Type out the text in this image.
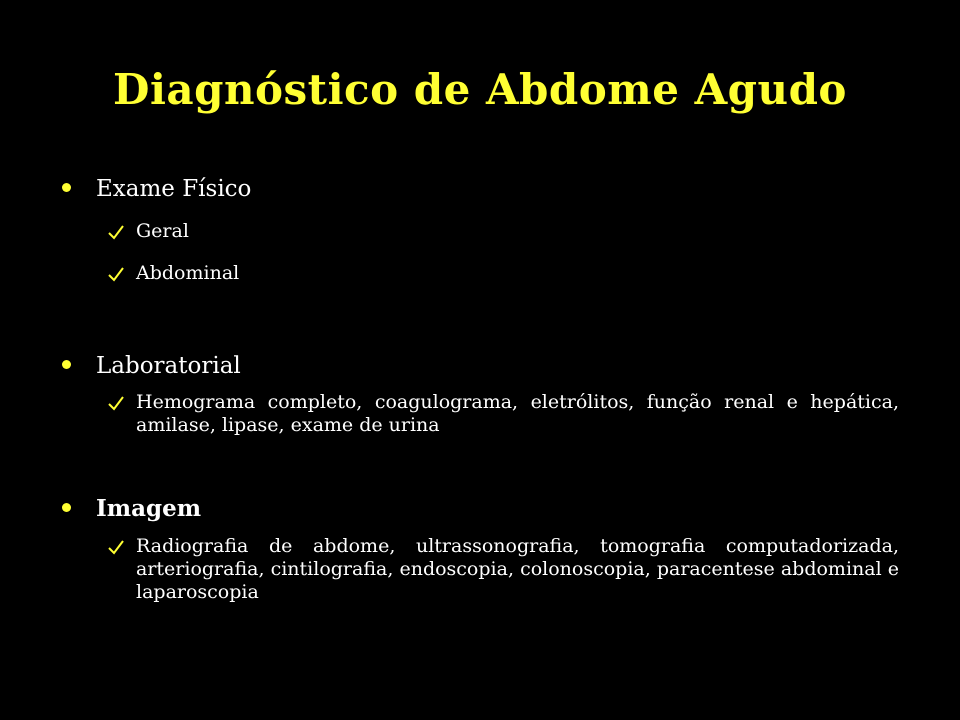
Diagnóstico de Abdome Agudo
Exame Físico
Geral
Abdominal
Laboratorial
Hemograma completo, coagulograma, eletrólitos, função renal e hepática, amilase, lipase, exame de urina
Imagem
Radiografia de abdome, ultrassonografia, tomografia computadorizada, arteriografia, cintilografia, endoscopia, colonoscopia, paracentese abdominal e laparoscopia
